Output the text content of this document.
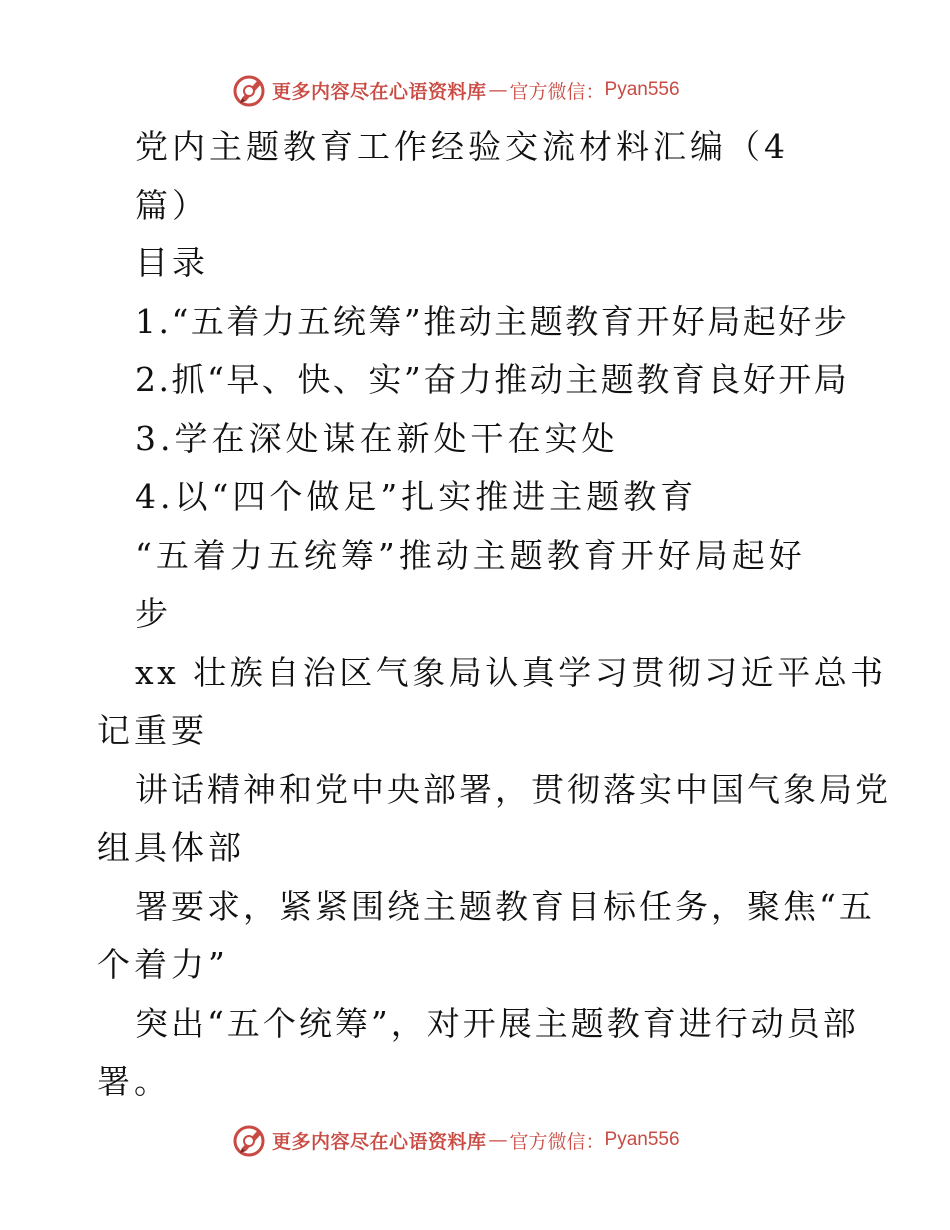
更多内容尽在心语资料库 — 官方微信： Pyan556

党内主题教育工作经验交流材料汇编（4

篇）

目录

1.“五着力五统筹”推动主题教育开好局起好步

2.抓“早、快、实”奋力推动主题教育良好开局

3.学在深处谋在新处干在实处

4.以“四个做足”扎实推进主题教育

“五着力五统筹”推动主题教育开好局起好

步

xx 壮族自治区气象局认真学习贯彻习近平总书

记重要

讲话精神和党中央部署，贯彻落实中国气象局党

组具体部

署要求，紧紧围绕主题教育目标任务，聚焦“五

个着力”

突出“五个统筹”，对开展主题教育进行动员部

署。

更多内容尽在心语资料库 — 官方微信： Pyan556
